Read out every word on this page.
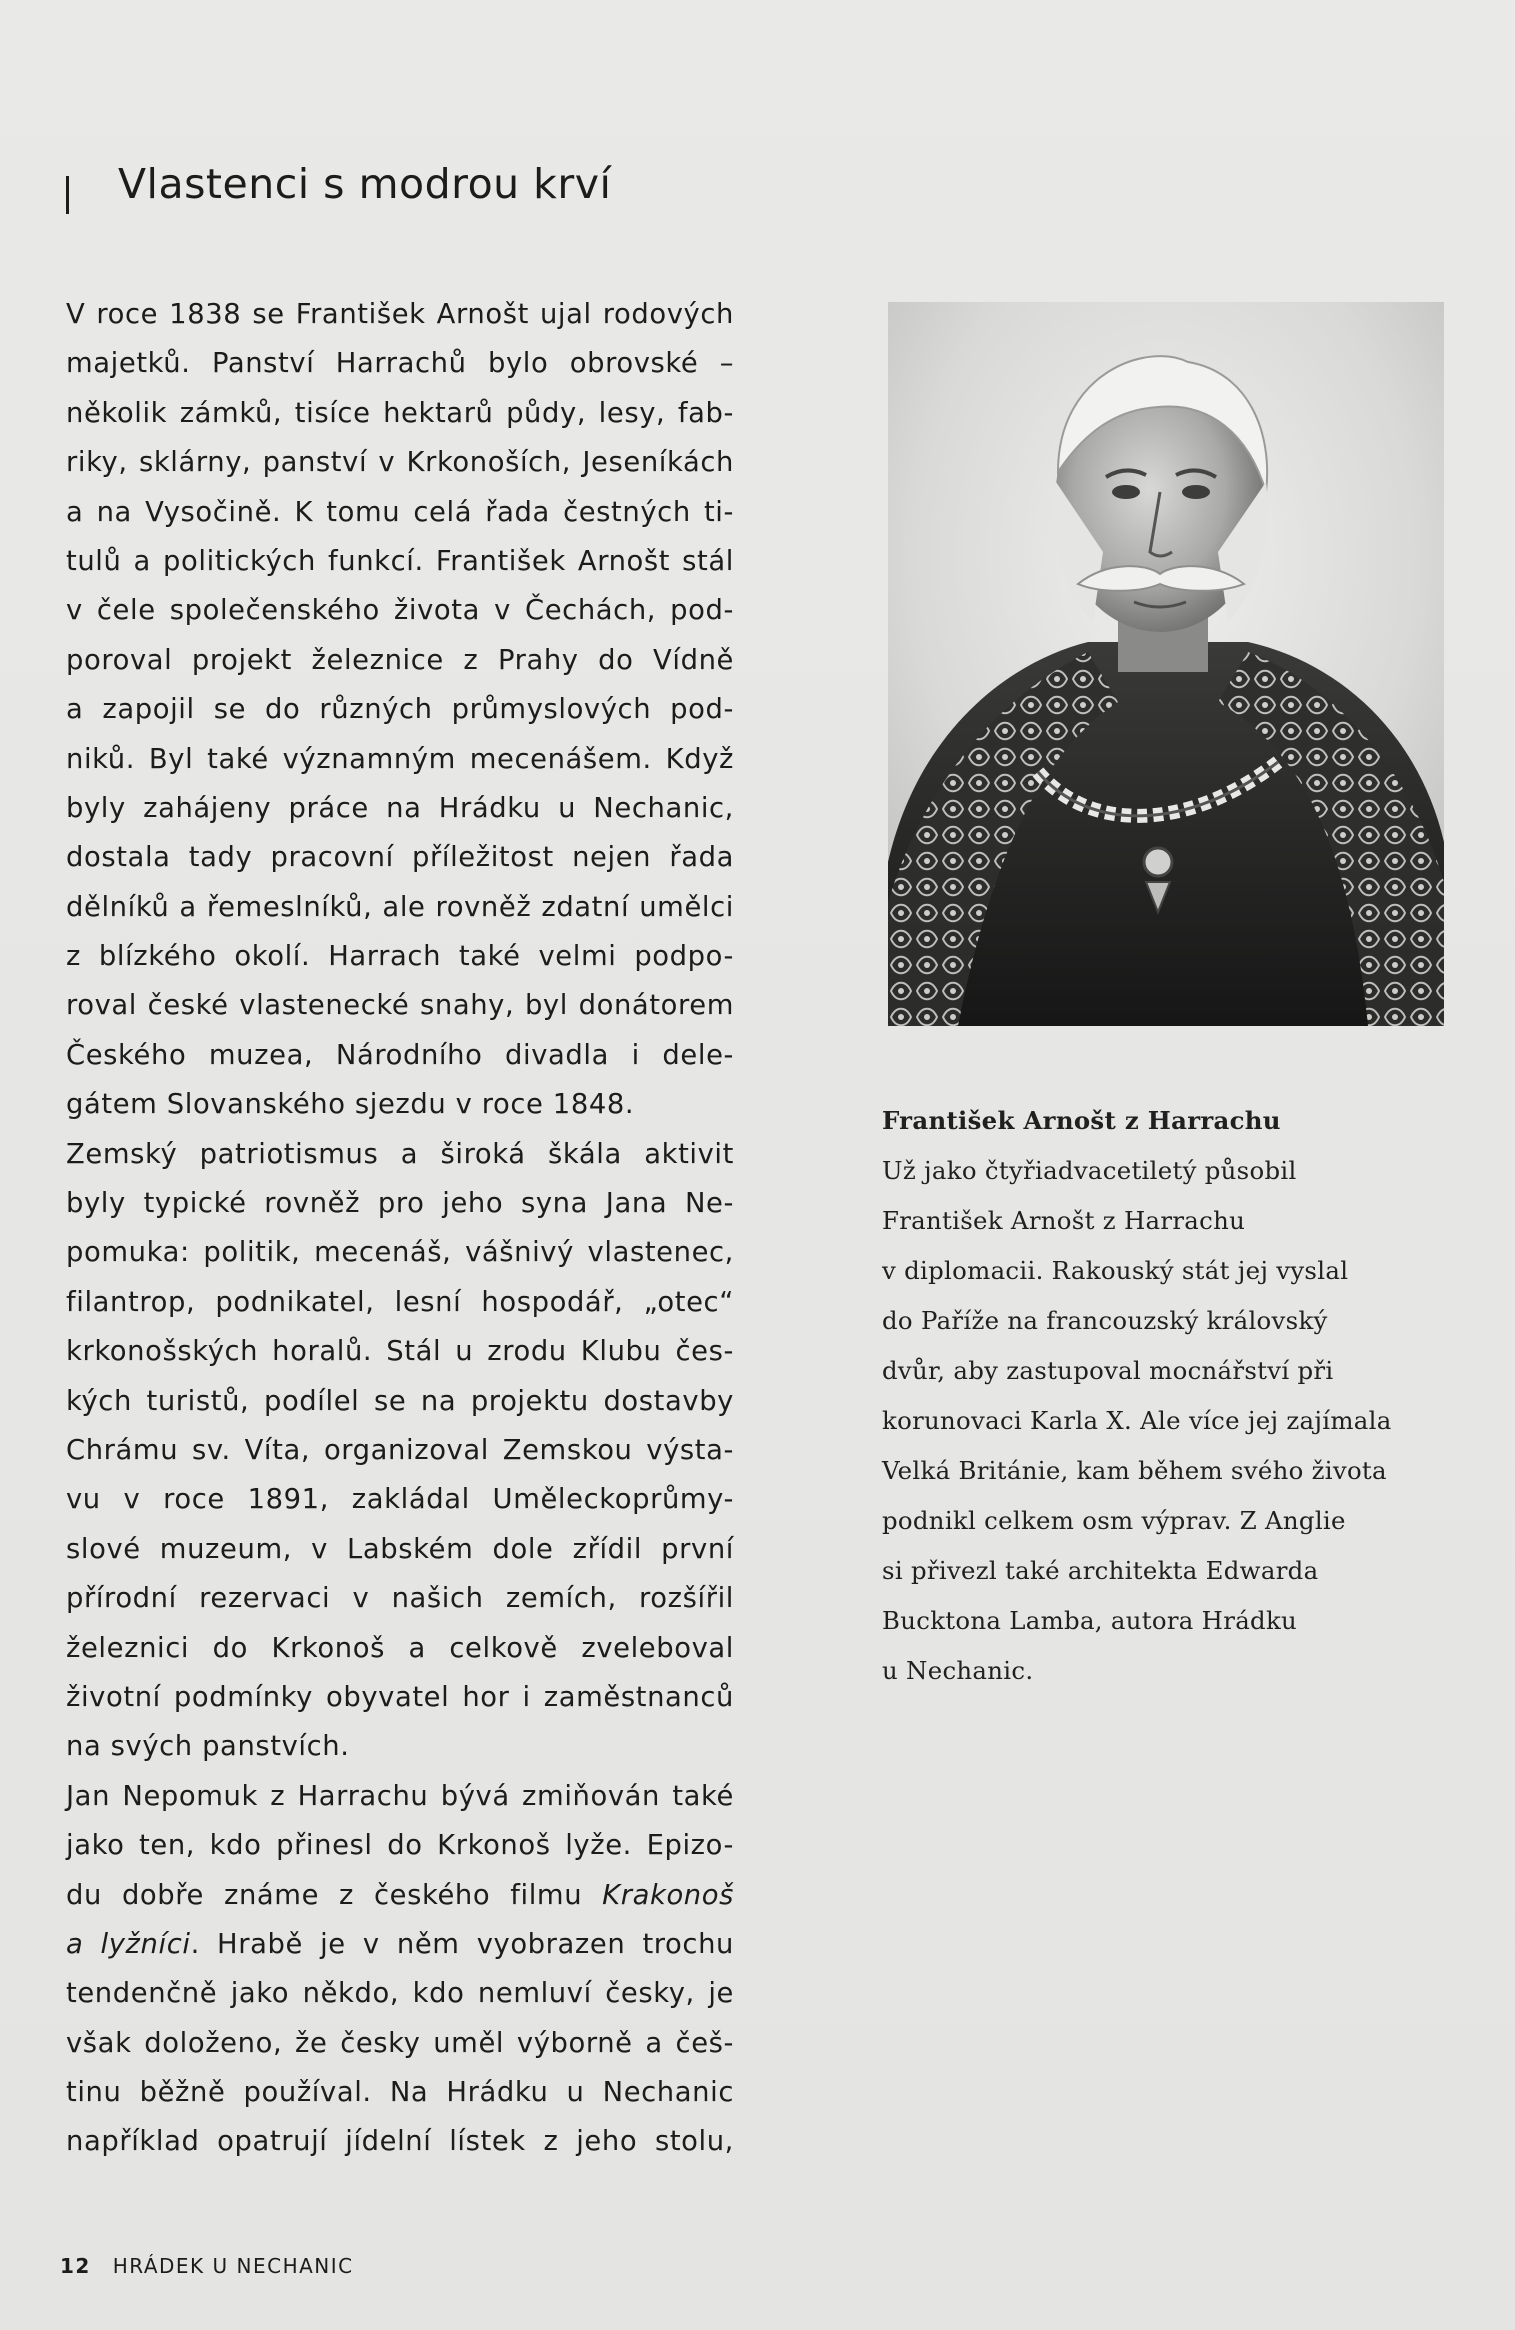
Vlastenci s modrou krví
V roce 1838 se František Arnošt ujal rodových
majetků. Panství Harrachů bylo obrovské –
několik zámků, tisíce hektarů půdy, lesy, fab-
riky, sklárny, panství v Krkonoších, Jeseníkách
a na Vysočině. K tomu celá řada čestných ti-
tulů a politických funkcí. František Arnošt stál
v čele společenského života v Čechách, pod-
poroval projekt železnice z Prahy do Vídně
a zapojil se do různých průmyslových pod-
niků. Byl také významným mecenášem. Když
byly zahájeny práce na Hrádku u Nechanic,
dostala tady pracovní příležitost nejen řada
dělníků a řemeslníků, ale rovněž zdatní umělci
z blízkého okolí. Harrach také velmi podpo-
roval české vlastenecké snahy, byl donátorem
Českého muzea, Národního divadla i dele-
gátem Slovanského sjezdu v roce 1848.
Zemský patriotismus a široká škála aktivit
byly typické rovněž pro jeho syna Jana Ne-
pomuka: politik, mecenáš, vášnivý vlastenec,
filantrop, podnikatel, lesní hospodář, „otec“
krkonošských horalů. Stál u zrodu Klubu čes-
kých turistů, podílel se na projektu dostavby
Chrámu sv. Víta, organizoval Zemskou výsta-
vu v roce 1891, zakládal Uměleckoprůmy-
slové muzeum, v Labském dole zřídil první
přírodní rezervaci v našich zemích, rozšířil
železnici do Krkonoš a celkově zveleboval
životní podmínky obyvatel hor i zaměstnanců
na svých panstvích.
Jan Nepomuk z Harrachu bývá zmiňován také
jako ten, kdo přinesl do Krkonoš lyže. Epizo-
du dobře známe z českého filmu Krakonoš
a lyžníci. Hrabě je v něm vyobrazen trochu
tendenčně jako někdo, kdo nemluví česky, je
však doloženo, že česky uměl výborně a češ-
tinu běžně používal. Na Hrádku u Nechanic
například opatrují jídelní lístek z jeho stolu,
František Arnošt z Harrachu
Už jako čtyřiadvacetiletý působil
František Arnošt z Harrachu
v diplomacii. Rakouský stát jej vyslal
do Paříže na francouzský královský
dvůr, aby zastupoval mocnářství při
korunovaci Karla X. Ale více jej zajímala
Velká Británie, kam během svého života
podnikl celkem osm výprav. Z Anglie
si přivezl také architekta Edwarda
Bucktona Lamba, autora Hrádku
u Nechanic.
12 HRÁDEK U NECHANIC
